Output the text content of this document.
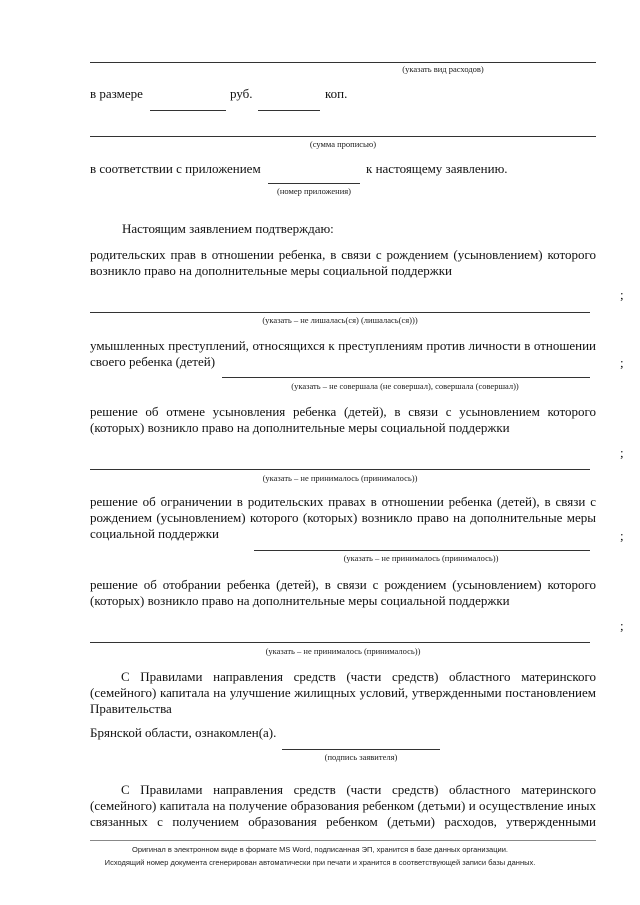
(указать вид расходов)
в размере	руб.	коп.
(сумма прописью)
в соответствии с приложением	к настоящему заявлению.
(номер приложения)
Настоящим заявлением подтверждаю:
родительских прав в отношении ребенка, в связи с рождением (усыновлением) которого
возникло право на дополнительные меры социальной поддержки
(указать – не лишалась(ся) (лишалась(ся)))
;
умышленных преступлений, относящихся к преступлениям против личности в отношении
своего ребенка (детей)
(указать – не совершала (не совершал), совершала (совершал))
;
решение об отмене усыновления ребенка (детей), в связи с усыновлением которого
(которых) возникло право на дополнительные меры социальной поддержки
(указать – не принималось (принималось))
;
решение об ограничении в родительских правах в отношении ребенка (детей), в связи с
рождением (усыновлением) которого (которых) возникло право на дополнительные меры
социальной поддержки
(указать – не принималось (принималось))
;
решение об отобрании ребенка (детей), в связи с рождением (усыновлением) которого
(которых) возникло право на дополнительные меры социальной поддержки
(указать – не принималось (принималось))
;
С Правилами направления средств (части средств) областного материнского
(семейного) капитала на улучшение жилищных условий, утвержденными постановлением
Правительства
Брянской области, ознакомлен(а).
(подпись заявителя)
С Правилами направления средств (части средств) областного материнского
(семейного) капитала на получение образования ребенком (детьми) и осуществление иных
связанных с получением образования ребенком (детьми) расходов, утвержденными
Оригинал в электронном виде в формате MS Word, подписанная ЭП, хранится в базе данных организации.
Исходящий номер документа сгенерирован автоматически при печати и хранится в соответствующей записи базы данных.
